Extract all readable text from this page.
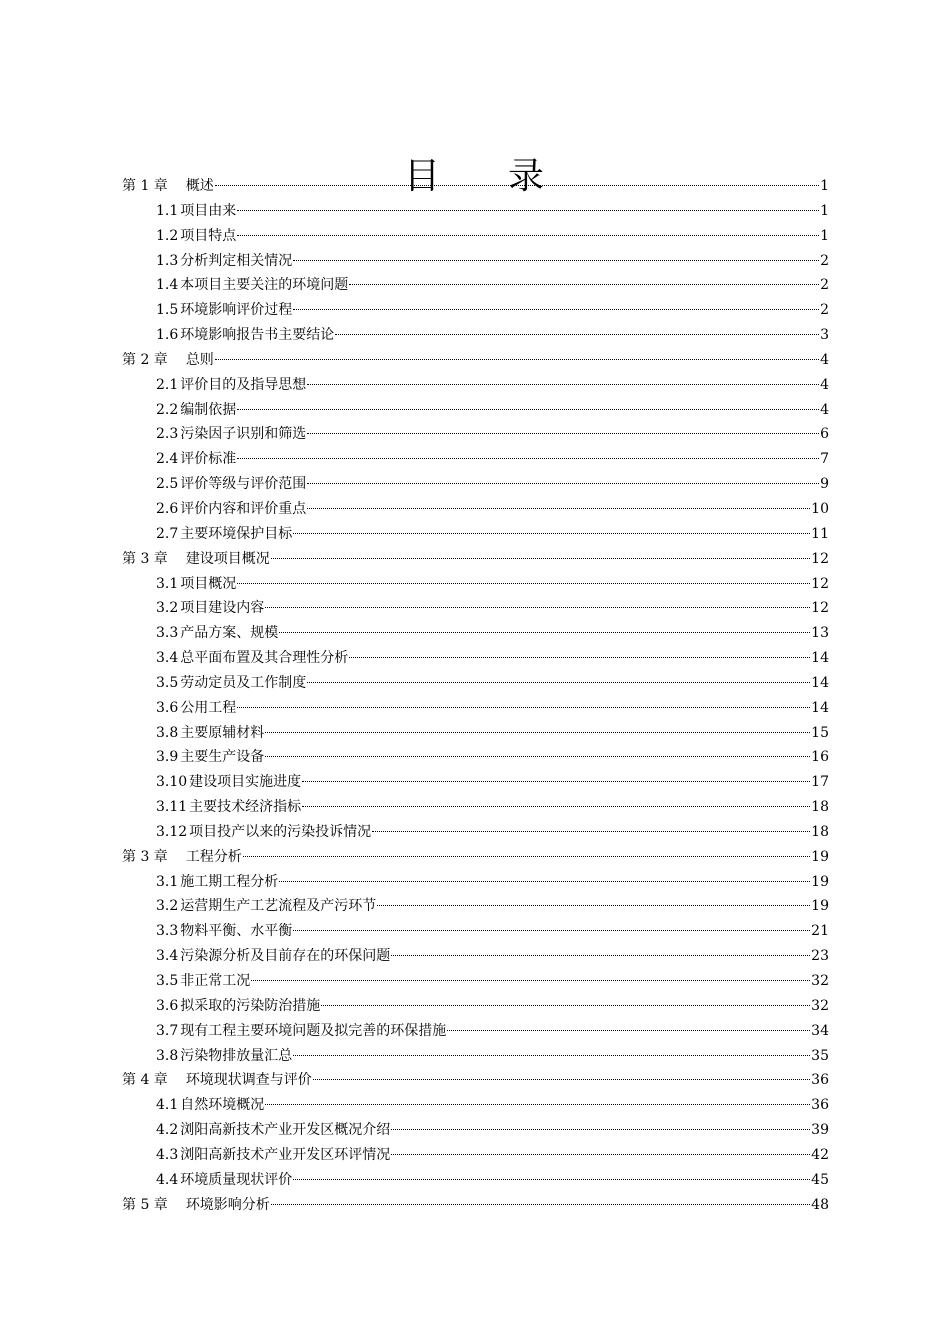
目 录
第 1 章 概述	1
1.1 项目由来	1
1.2 项目特点	1
1.3 分析判定相关情况	2
1.4 本项目主要关注的环境问题	2
1.5 环境影响评价过程	2
1.6 环境影响报告书主要结论	3
第 2 章 总则	4
2.1 评价目的及指导思想	4
2.2 编制依据	4
2.3 污染因子识别和筛选	6
2.4 评价标准	7
2.5 评价等级与评价范围	9
2.6 评价内容和评价重点	10
2.7 主要环境保护目标	11
第 3 章 建设项目概况	12
3.1 项目概况	12
3.2 项目建设内容	12
3.3 产品方案、规模	13
3.4 总平面布置及其合理性分析	14
3.5 劳动定员及工作制度	14
3.6 公用工程	14
3.8 主要原辅材料	15
3.9 主要生产设备	16
3.10 建设项目实施进度	17
3.11 主要技术经济指标	18
3.12 项目投产以来的污染投诉情况	18
第 3 章 工程分析	19
3.1 施工期工程分析	19
3.2 运营期生产工艺流程及产污环节	19
3.3 物料平衡、水平衡	21
3.4 污染源分析及目前存在的环保问题	23
3.5 非正常工况	32
3.6 拟采取的污染防治措施	32
3.7 现有工程主要环境问题及拟完善的环保措施	34
3.8 污染物排放量汇总	35
第 4 章 环境现状调查与评价	36
4.1 自然环境概况	36
4.2 浏阳高新技术产业开发区概况介绍	39
4.3 浏阳高新技术产业开发区环评情况	42
4.4 环境质量现状评价	45
第 5 章 环境影响分析	48
